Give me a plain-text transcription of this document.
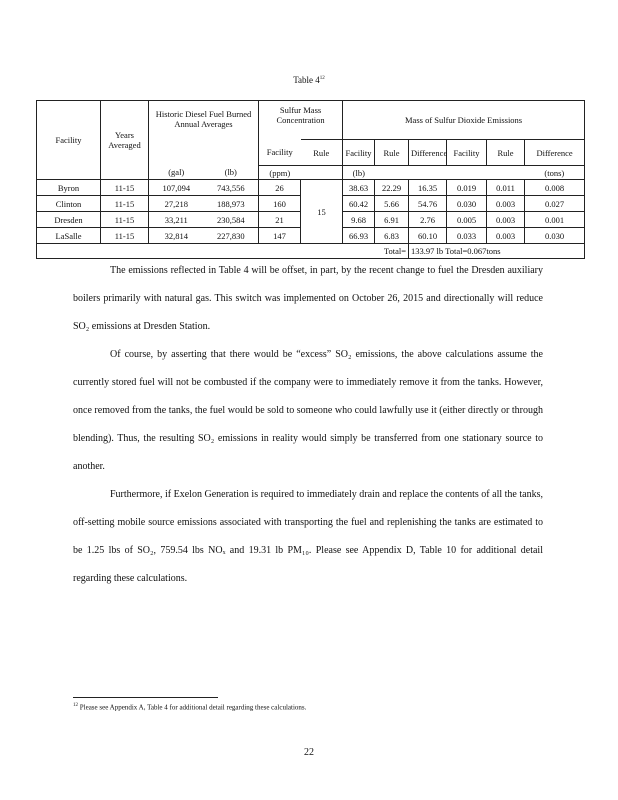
Table $4^{12}$
Facility	Years Averaged	Historic Diesel Fuel Burned Annual Averages		Sulfur Mass Concentration		Mass of Sulfur Dioxide Emissions					
				Facility	Rule	Facility	Rule	Difference	Facility	Rule	Difference
		(gal)	(lb)	(ppm)		(lb)					(tons)
Byron	11-15	107,094	743,556	26	15	38.63	22.29	16.35	0.019	0.011	0.008
Clinton	11-15	27,218	188,973	160		60.42	5.66	54.76	0.030	0.003	0.027
Dresden	11-15	33,211	230,584	21		9.68	6.91	2.76	0.005	0.003	0.001
LaSalle	11-15	32,814	227,830	147		66.93	6.83	60.10	0.033	0.003	0.030
Total=								133.97 lb Total=0.067tons			

The emissions reflected in Table 4 will be offset, in part, by the recent change to fuel the Dresden auxiliary boilers primarily with natural gas. This switch was implemented on October 26, 2015 and directionally will reduce SO₂ emissions at Dresden Station.

Of course, by asserting that there would be “excess” SO₂ emissions, the above calculations assume the currently stored fuel will not be combusted if the company were to immediately remove it from the tanks. However, once removed from the tanks, the fuel would be sold to someone who could lawfully use it (either directly or through blending). Thus, the resulting SO₂ emissions in reality would simply be transferred from one stationary source to another.

Furthermore, if Exelon Generation is required to immediately drain and replace the contents of all the tanks, off-setting mobile source emissions associated with transporting the fuel and replenishing the tanks are estimated to be 1.25 lbs of SO₂, 759.54 lbs NOₓ and 19.31 lb PM₁₀. Please see Appendix D, Table 10 for additional detail regarding these calculations.

$^{12}$ Please see Appendix A, Table 4 for additional detail regarding these calculations.
22
